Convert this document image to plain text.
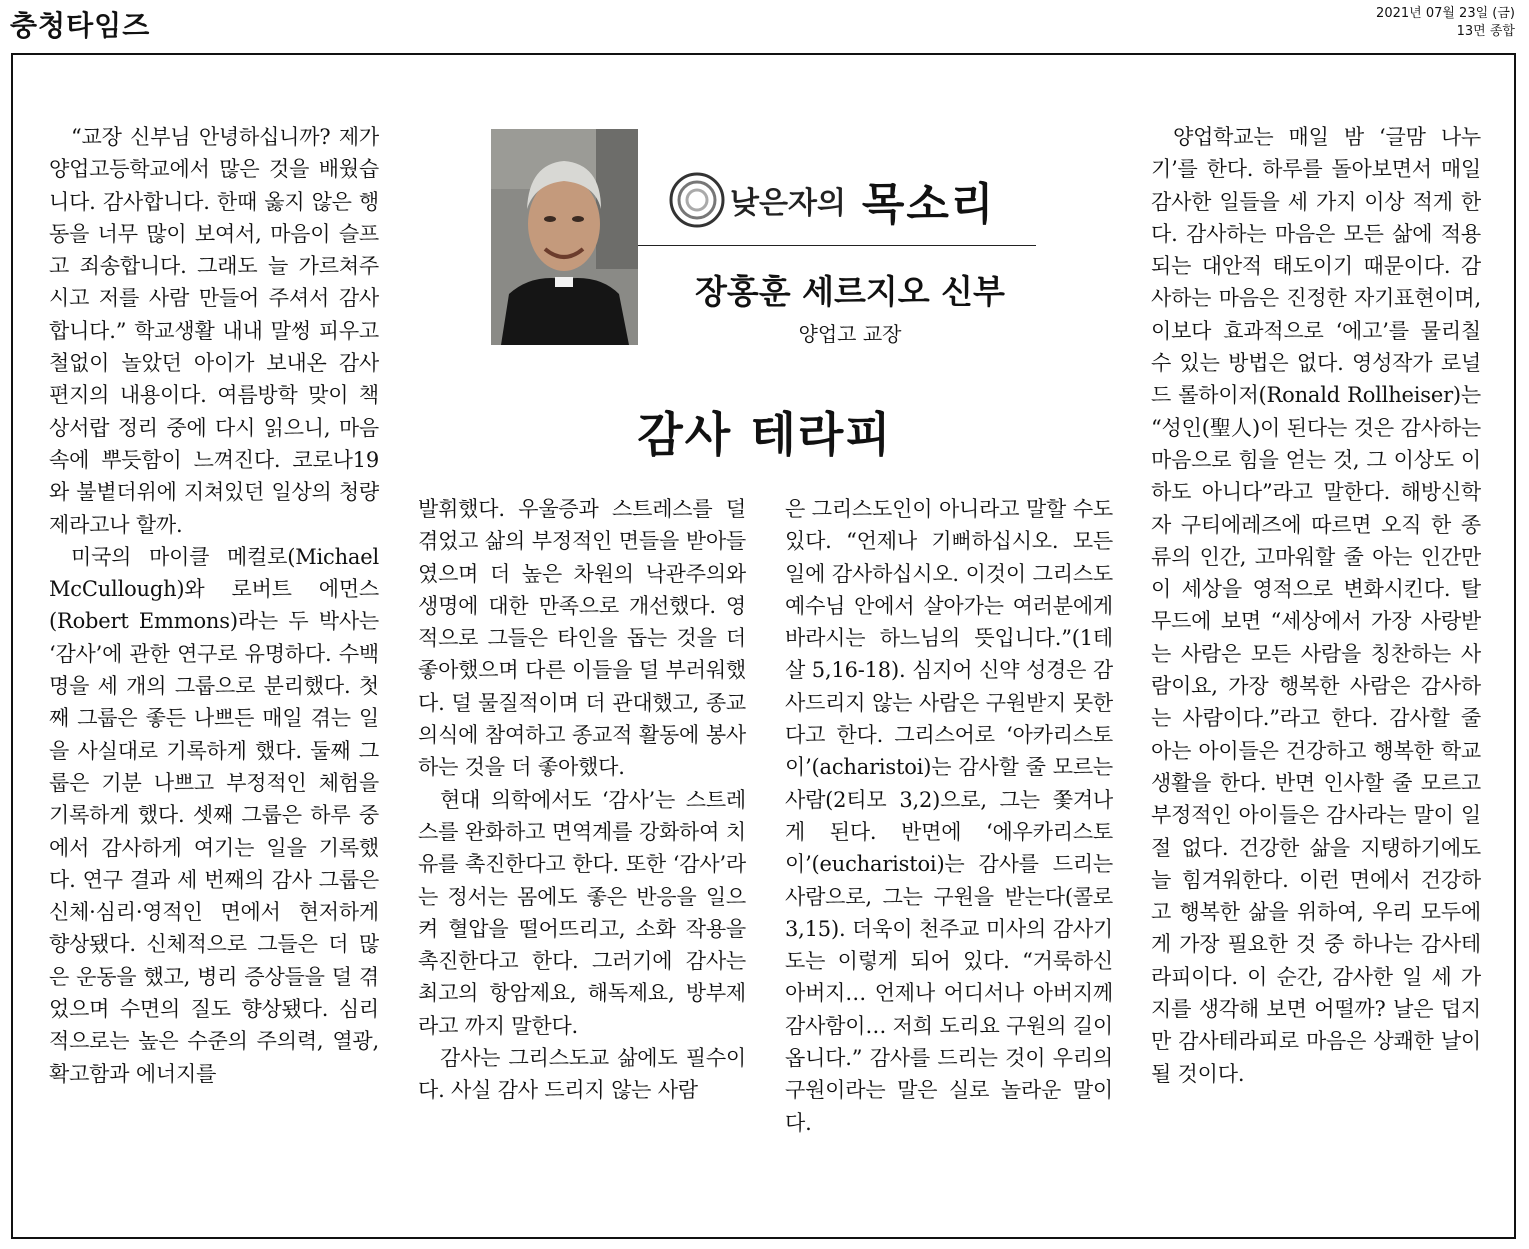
충청타임즈	2021년 07월 23일 (금)
13면 종합
낮은자의 목소리
장홍훈 세르지오 신부
양업고 교장
감사 테라피

“교장 신부님 안녕하십니까? 제가 양업고등학교에서 많은 것을 배웠습니다. 감사합니다. 한때 옳지 않은 행동을 너무 많이 보여서, 마음이 슬프고 죄송합니다. 그래도 늘 가르쳐주시고 저를 사람 만들어 주셔서 감사합니다.” 학교생활 내내 말썽 피우고 철없이 놀았던 아이가 보내온 감사 편지의 내용이다. 여름방학 맞이 책상서랍 정리 중에 다시 읽으니, 마음속에 뿌듯함이 느껴진다. 코로나19와 불볕더위에 지쳐있던 일상의 청량제라고나 할까.

미국의 마이클 메컬로(Michael McCullough)와 로버트 에먼스(Robert Emmons)라는 두 박사는 ‘감사’에 관한 연구로 유명하다. 수백 명을 세 개의 그룹으로 분리했다. 첫째 그룹은 좋든 나쁘든 매일 겪는 일을 사실대로 기록하게 했다. 둘째 그룹은 기분 나쁘고 부정적인 체험을 기록하게 했다. 셋째 그룹은 하루 중에서 감사하게 여기는 일을 기록했다. 연구 결과 세 번째의 감사 그룹은 신체·심리·영적인 면에서 현저하게 향상됐다. 신체적으로 그들은 더 많은 운동을 했고, 병리 증상들을 덜 겪었으며 수면의 질도 향상됐다. 심리적으로는 높은 수준의 주의력, 열광, 확고함과 에너지를

발휘했다. 우울증과 스트레스를 덜 겪었고 삶의 부정적인 면들을 받아들였으며 더 높은 차원의 낙관주의와 생명에 대한 만족으로 개선했다. 영적으로 그들은 타인을 돕는 것을 더 좋아했으며 다른 이들을 덜 부러워했다. 덜 물질적이며 더 관대했고, 종교의식에 참여하고 종교적 활동에 봉사하는 것을 더 좋아했다.

현대 의학에서도 ‘감사’는 스트레스를 완화하고 면역계를 강화하여 치유를 촉진한다고 한다. 또한 ‘감사’라는 정서는 몸에도 좋은 반응을 일으켜 혈압을 떨어뜨리고, 소화 작용을 촉진한다고 한다. 그러기에 감사는 최고의 항암제요, 해독제요, 방부제라고 까지 말한다.

감사는 그리스도교 삶에도 필수이다. 사실 감사 드리지 않는 사람

은 그리스도인이 아니라고 말할 수도 있다. “언제나 기뻐하십시오. 모든 일에 감사하십시오. 이것이 그리스도 예수님 안에서 살아가는 여러분에게 바라시는 하느님의 뜻입니다.”(1테살 5,16-18). 심지어 신약 성경은 감사드리지 않는 사람은 구원받지 못한다고 한다. 그리스어로 ‘아카리스토이’(acharistoi)는 감사할 줄 모르는 사람(2티모 3,2)으로, 그는 쫓겨나게 된다. 반면에 ‘에우카리스토이’(eucharistoi)는 감사를 드리는 사람으로, 그는 구원을 받는다(콜로 3,15). 더욱이 천주교 미사의 감사기도는 이렇게 되어 있다. “거룩하신 아버지… 언제나 어디서나 아버지께 감사함이… 저희 도리요 구원의 길이옵니다.” 감사를 드리는 것이 우리의 구원이라는 말은 실로 놀라운 말이다.

양업학교는 매일 밤 ‘글맘 나누기’를 한다. 하루를 돌아보면서 매일 감사한 일들을 세 가지 이상 적게 한다. 감사하는 마음은 모든 삶에 적용되는 대안적 태도이기 때문이다. 감사하는 마음은 진정한 자기표현이며, 이보다 효과적으로 ‘에고’를 물리칠 수 있는 방법은 없다. 영성작가 로널드 롤하이저(Ronald Rollheiser)는 “성인(聖人)이 된다는 것은 감사하는 마음으로 힘을 얻는 것, 그 이상도 이하도 아니다”라고 말한다. 해방신학자 구티에레즈에 따르면 오직 한 종류의 인간, 고마워할 줄 아는 인간만이 세상을 영적으로 변화시킨다. 탈무드에 보면 “세상에서 가장 사랑받는 사람은 모든 사람을 칭찬하는 사람이요, 가장 행복한 사람은 감사하는 사람이다.”라고 한다. 감사할 줄 아는 아이들은 건강하고 행복한 학교생활을 한다. 반면 인사할 줄 모르고 부정적인 아이들은 감사라는 말이 일절 없다. 건강한 삶을 지탱하기에도 늘 힘겨워한다. 이런 면에서 건강하고 행복한 삶을 위하여, 우리 모두에게 가장 필요한 것 중 하나는 감사테라피이다. 이 순간, 감사한 일 세 가지를 생각해 보면 어떨까? 날은 덥지만 감사테라피로 마음은 상쾌한 날이 될 것이다.
